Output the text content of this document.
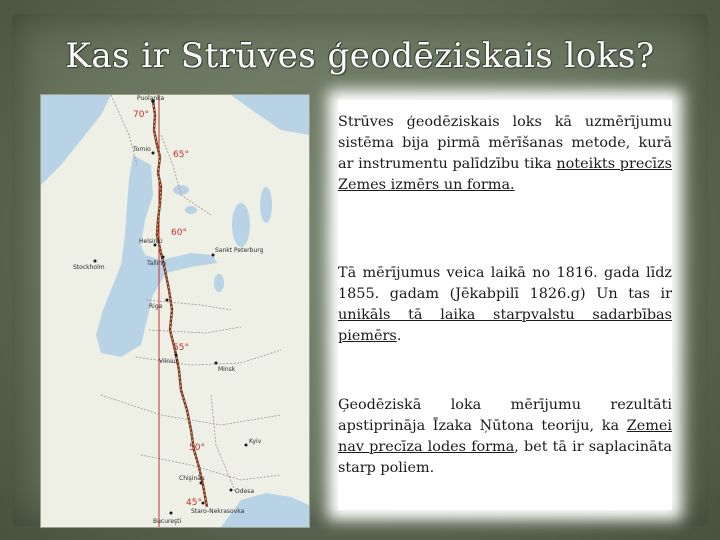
Kas ir Strūves ģeodēziskais loks?
70°
65°
60°
55°
50°
45°
Puolanka
Tornio
Stockholm
Helsinki
Tallinn
Sankt Peterburg
Riga
Vilnius
Minsk
Kyiv
Chişinău
Odesa
Bucureşti
Staro-Nekrasovka
Strūves ģeodēziskais loks kā uzmērījumu sistēma bija pirmā mērīšanas metode, kurā ar instrumentu palīdzību tika noteikts precīzs Zemes izmērs un forma.
Tā mērījumus veica laikā no 1816. gada līdz 1855. gadam (Jēkabpilī 1826.g) Un tas ir unikāls tā laika starpvalstu sadarbības piemērs.
Ģeodēziskā loka mērījumu rezultāti apstiprināja Īzaka Ņūtona teoriju, ka Zemei nav precīza lodes forma, bet tā ir saplacināta starp poliem.
